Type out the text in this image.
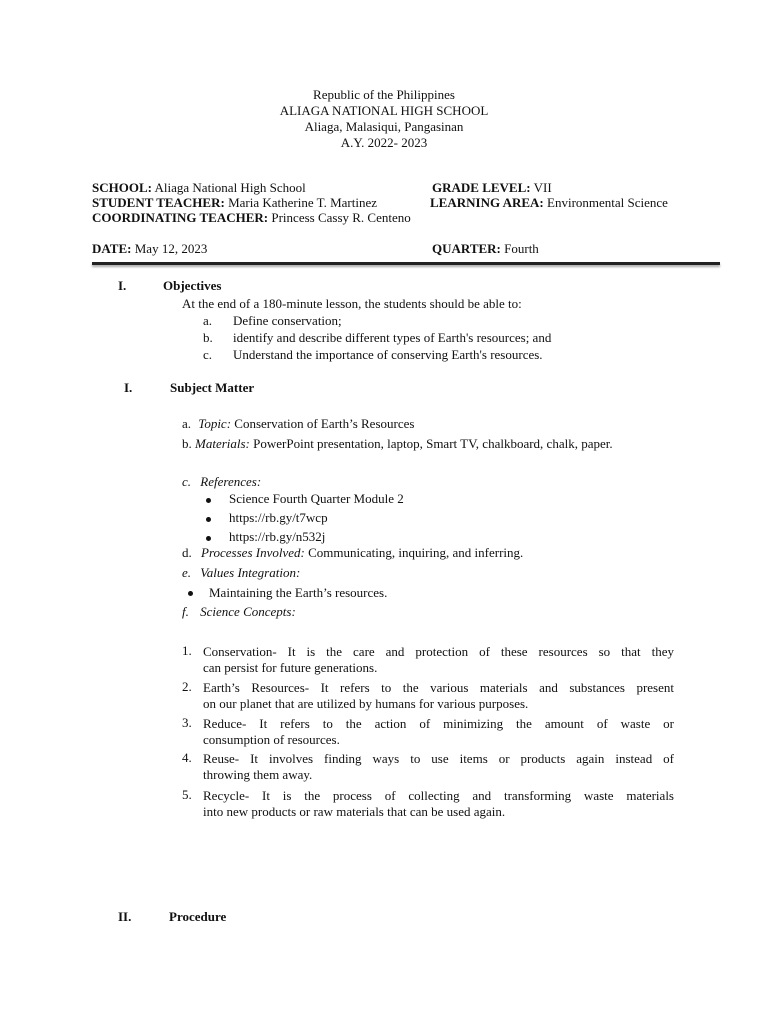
Republic of the Philippines
ALIAGA NATIONAL HIGH SCHOOL
Aliaga, Malasiqui, Pangasinan
A.Y. 2022- 2023
SCHOOL: Aliaga National High School	GRADE LEVEL: VII
STUDENT TEACHER: Maria Katherine T. Martinez	LEARNING AREA: Environmental Science
COORDINATING TEACHER: Princess Cassy R. Centeno
DATE: May 12, 2023	QUARTER: Fourth
I.	Objectives
At the end of a 180-minute lesson, the students should be able to:
a. Define conservation;
b. identify and describe different types of Earth's resources; and
c. Understand the importance of conserving Earth's resources.
I.	Subject Matter
a. Topic: Conservation of Earth’s Resources
b. Materials: PowerPoint presentation, laptop, Smart TV, chalkboard, chalk, paper.
c. References:
Science Fourth Quarter Module 2
https://rb.gy/t7wcp
https://rb.gy/n532j
d. Processes Involved: Communicating, inquiring, and inferring.
e. Values Integration:
Maintaining the Earth’s resources.
f. Science Concepts:
1. Conservation- It is the care and protection of these resources so that they
can persist for future generations.
2. Earth’s Resources- It refers to the various materials and substances present
on our planet that are utilized by humans for various purposes.
3. Reduce- It refers to the action of minimizing the amount of waste or
consumption of resources.
4. Reuse- It involves finding ways to use items or products again instead of
throwing them away.
5. Recycle- It is the process of collecting and transforming waste materials
into new products or raw materials that can be used again.
II.	Procedure
